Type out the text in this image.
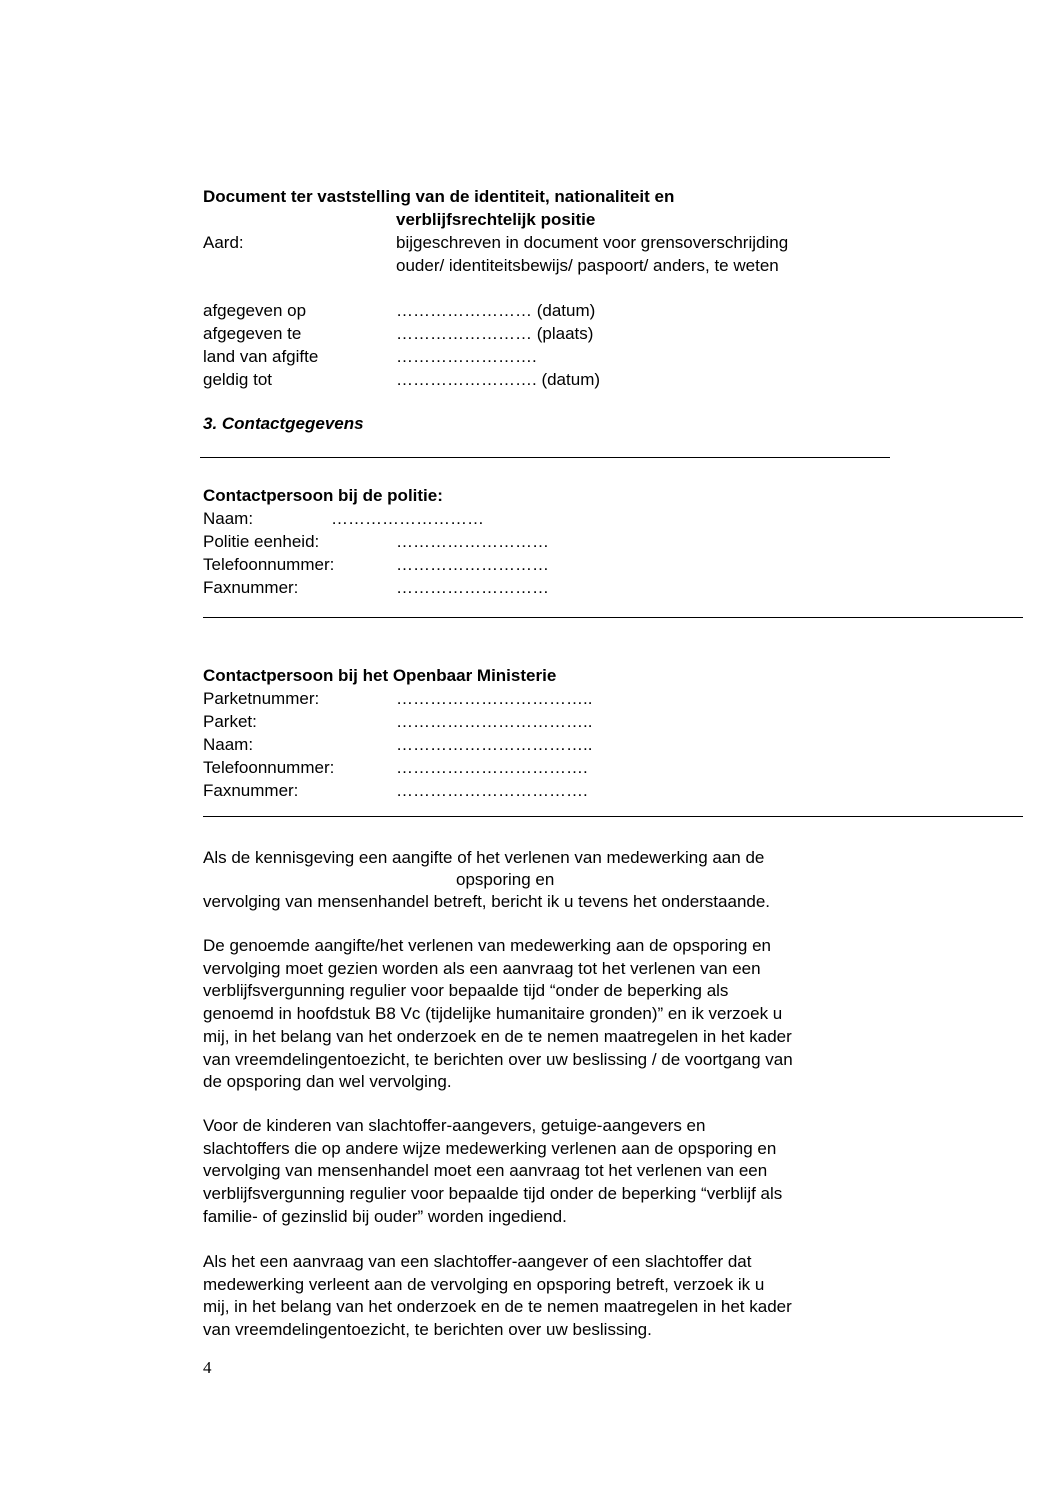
Document ter vaststelling van de identiteit, nationaliteit en
verblijfsrechtelijk positie
Aard:	bijgeschreven in document voor grensoverschrijding
ouder/ identiteitsbewijs/ paspoort/ anders, te weten
afgegeven op	…………………… (datum)
afgegeven te	…………………… (plaats)
land van afgifte	…………………….
geldig tot	……………………. (datum)
3. Contactgegevens
Contactpersoon bij de politie:
Naam:	………………………
Politie eenheid:	………………………
Telefoonnummer:	………………………
Faxnummer:	………………………
Contactpersoon bij het Openbaar Ministerie
Parketnummer:	……………………………..
Parket:	……………………………..
Naam:	……………………………..
Telefoonnummer:	…………………………….
Faxnummer:	…………………………….
Als de kennisgeving een aangifte of het verlenen van medewerking aan de
opsporing en
vervolging van mensenhandel betreft, bericht ik u tevens het onderstaande.
De genoemde aangifte/het verlenen van medewerking aan de opsporing en
vervolging moet gezien worden als een aanvraag tot het verlenen van een
verblijfsvergunning regulier voor bepaalde tijd “onder de beperking als
genoemd in hoofdstuk B8 Vc (tijdelijke humanitaire gronden)” en ik verzoek u
mij, in het belang van het onderzoek en de te nemen maatregelen in het kader
van vreemdelingentoezicht, te berichten over uw beslissing / de voortgang van
de opsporing dan wel vervolging.
Voor de kinderen van slachtoffer-aangevers, getuige-aangevers en
slachtoffers die op andere wijze medewerking verlenen aan de opsporing en
vervolging van mensenhandel moet een aanvraag tot het verlenen van een
verblijfsvergunning regulier voor bepaalde tijd onder de beperking “verblijf als
familie- of gezinslid bij ouder” worden ingediend.
Als het een aanvraag van een slachtoffer-aangever of een slachtoffer dat
medewerking verleent aan de vervolging en opsporing betreft, verzoek ik u
mij, in het belang van het onderzoek en de te nemen maatregelen in het kader
van vreemdelingentoezicht, te berichten over uw beslissing.
4
